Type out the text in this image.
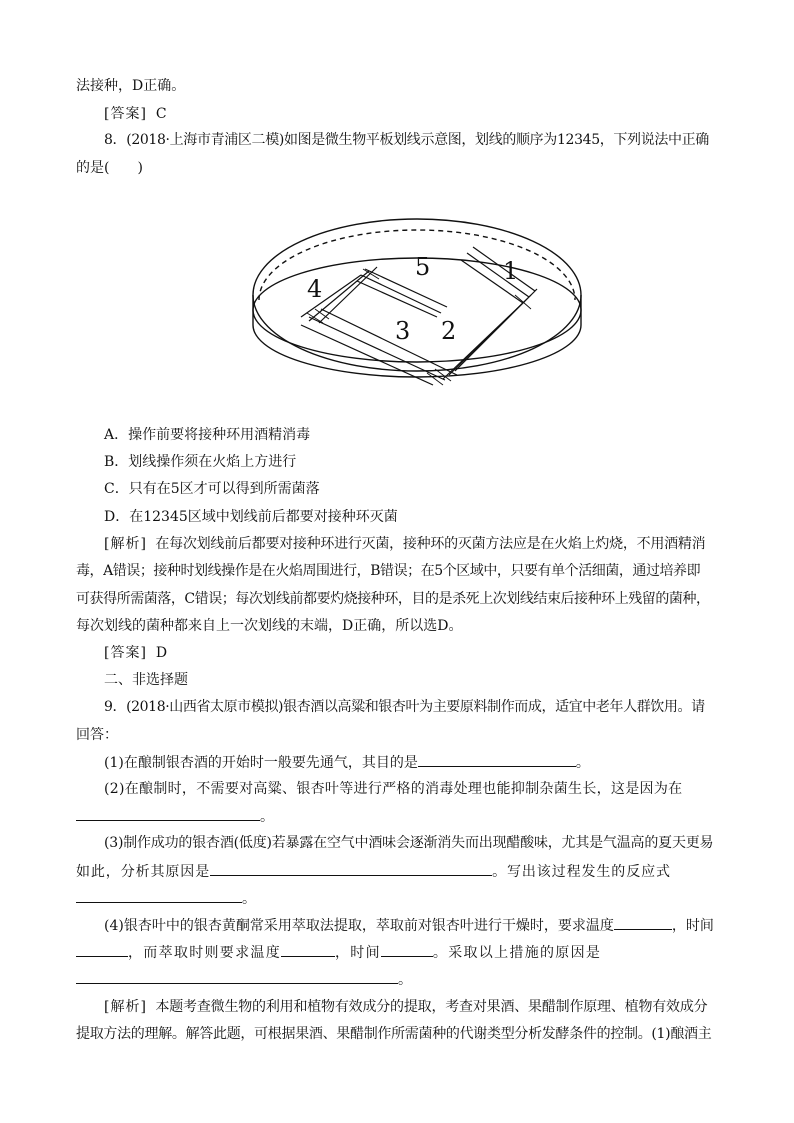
法接种，D正确。
[答案] C
8．(2018·上海市青浦区二模)如图是微生物平板划线示意图，划线的顺序为12345，下列说法中正确
的是(　　)
1
2
3
4
5
A．操作前要将接种环用酒精消毒
B．划线操作须在火焰上方进行
C．只有在5区才可以得到所需菌落
D．在12345区域中划线前后都要对接种环灭菌
[解析] 在每次划线前后都要对接种环进行灭菌，接种环的灭菌方法应是在火焰上灼烧，不用酒精消
毒，A错误；接种时划线操作是在火焰周围进行，B错误；在5个区域中，只要有单个活细菌，通过培养即
可获得所需菌落，C错误；每次划线前都要灼烧接种环，目的是杀死上次划线结束后接种环上残留的菌种，
每次划线的菌种都来自上一次划线的末端，D正确，所以选D。
[答案] D
二、非选择题
9．(2018·山西省太原市模拟)银杏酒以高粱和银杏叶为主要原料制作而成，适宜中老年人群饮用。请
回答：
(1)在酿制银杏酒的开始时一般要先通气，其目的是	。
(2)在酿制时，不需要对高粱、银杏叶等进行严格的消毒处理也能抑制杂菌生长，这是因为在
。
(3)制作成功的银杏酒(低度)若暴露在空气中酒味会逐渐消失而出现醋酸味，尤其是气温高的夏天更易
如此，分析其原因是	。写出该过程发生的反应式
。
(4)银杏叶中的银杏黄酮常采用萃取法提取，萃取前对银杏叶进行干燥时，要求温度	，时间
，而萃取时则要求温度	，时间	。采取以上措施的原因是
。
[解析] 本题考查微生物的利用和植物有效成分的提取，考查对果酒、果醋制作原理、植物有效成分
提取方法的理解。解答此题，可根据果酒、果醋制作所需菌种的代谢类型分析发酵条件的控制。(1)酿酒主
